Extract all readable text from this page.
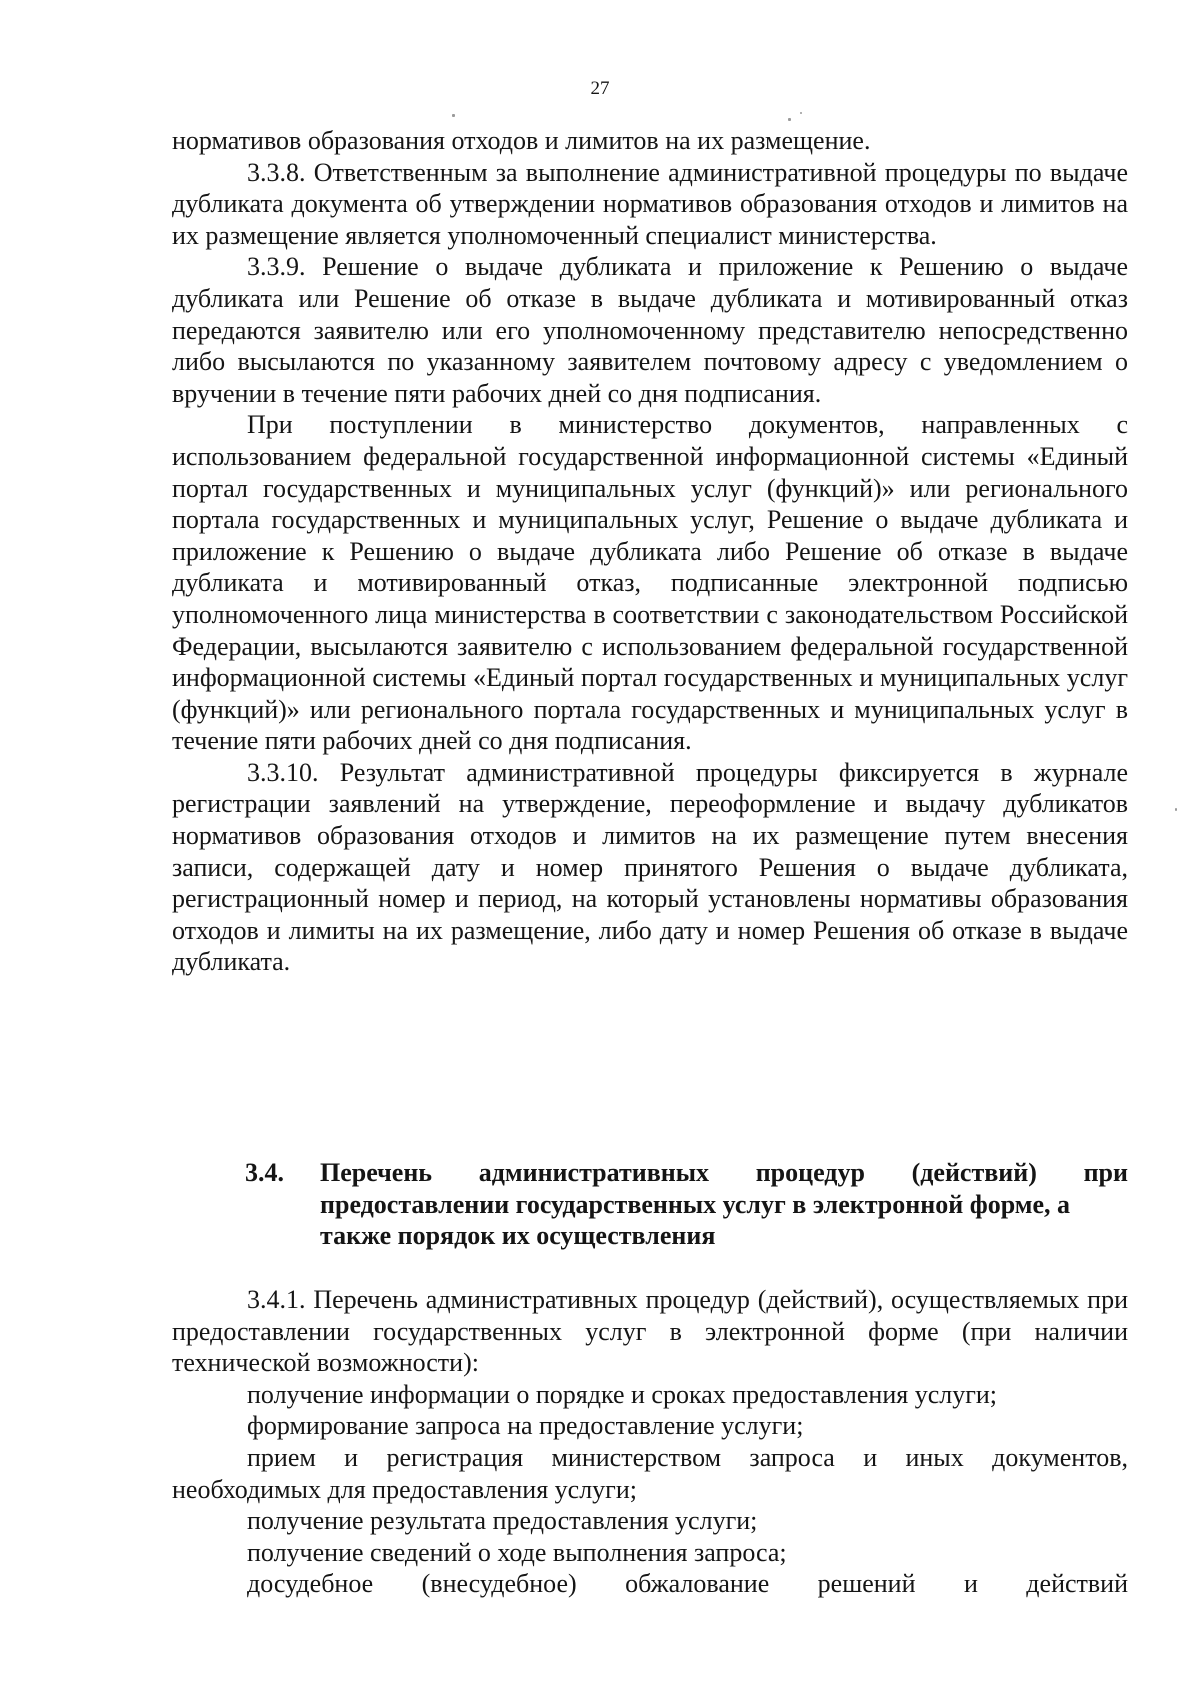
27

нормативов образования отходов и лимитов на их размещение.

3.3.8. Ответственным за выполнение административной процедуры по выдаче дубликата документа об утверждении нормативов образования отходов и лимитов на их размещение является уполномоченный специалист министерства.

3.3.9. Решение о выдаче дубликата и приложение к Решению о выдаче дубликата или Решение об отказе в выдаче дубликата и мотивированный отказ передаются заявителю или его уполномоченному представителю непосредственно либо высылаются по указанному заявителем почтовому адресу с уведомлением о вручении в течение пяти рабочих дней со дня подписания.

При поступлении в министерство документов, направленных с использованием федеральной государственной информационной системы «Единый портал государственных и муниципальных услуг (функций)» или регионального портала государственных и муниципальных услуг, Решение о выдаче дубликата и приложение к Решению о выдаче дубликата либо Решение об отказе в выдаче дубликата и мотивированный отказ, подписанные электронной подписью уполномоченного лица министерства в соответствии с законодательством Российской Федерации, высылаются заявителю с использованием федеральной государственной информационной системы «Единый портал государственных и муниципальных услуг (функций)» или регионального портала государственных и муниципальных услуг в течение пяти рабочих дней со дня подписания.

3.3.10. Результат административной процедуры фиксируется в журнале регистрации заявлений на утверждение, переоформление и выдачу дубликатов нормативов образования отходов и лимитов на их размещение путем внесения записи, содержащей дату и номер принятого Решения о выдаче дубликата, регистрационный номер и период, на который установлены нормативы образования отходов и лимиты на их размещение, либо дату и номер Решения об отказе в выдаче дубликата.

3.4.	Перечень административных процедур (действий) при
предоставлении государственных услуг в электронной форме, а также порядок их осуществления

3.4.1. Перечень административных процедур (действий), осуществляемых при предоставлении государственных услуг в электронной форме (при наличии технической возможности):

получение информации о порядке и сроках предоставления услуги;

формирование запроса на предоставление услуги;

прием и регистрация министерством запроса и иных документов, необходимых для предоставления услуги;

получение результата предоставления услуги;

получение сведений о ходе выполнения запроса;

досудебное (внесудебное) обжалование решений и действий
